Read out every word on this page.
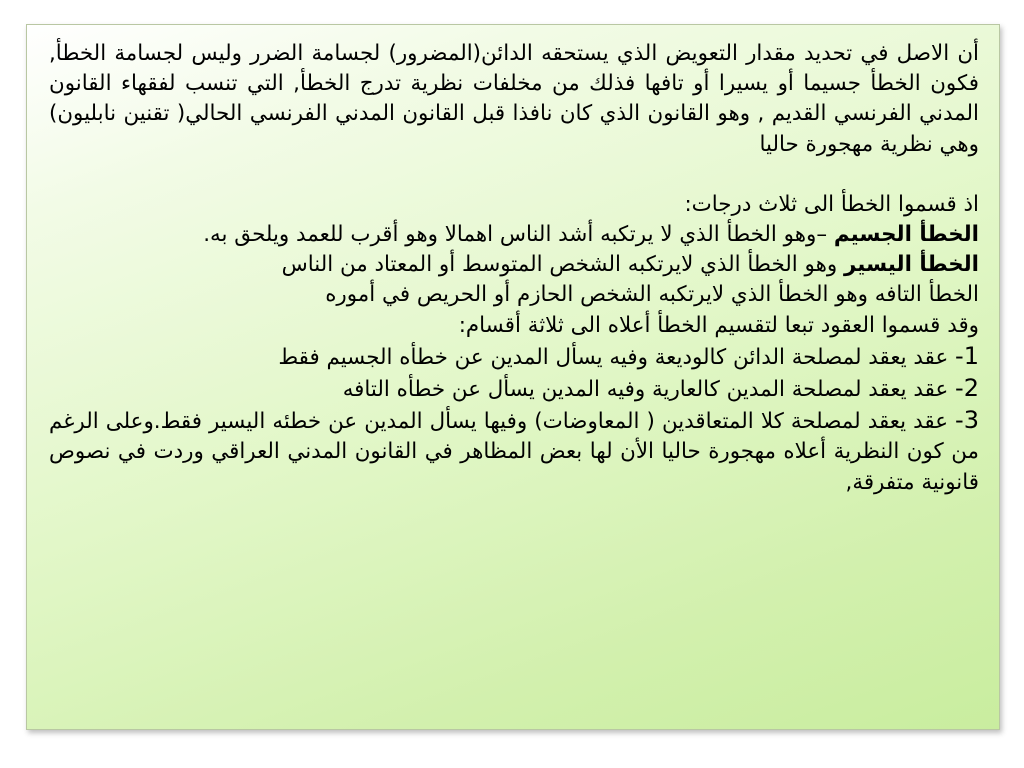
أن الاصل في تحديد مقدار التعويض الذي يستحقه الدائن(المضرور) لجسامة الضرر وليس لجسامة الخطأ, فكون الخطأ جسيما أو يسيرا أو تافها فذلك من مخلفات نظرية تدرج الخطأ, التي تنسب لفقهاء القانون المدني الفرنسي القديم , وهو القانون الذي كان نافذا قبل القانون المدني الفرنسي الحالي( تقنين نابليون) وهي نظرية مهجورة حاليا

اذ قسموا الخطأ الى ثلاث درجات:

الخطأ الجسيم –وهو الخطأ الذي لا يرتكبه أشد الناس اهمالا وهو أقرب للعمد ويلحق به.

الخطأ اليسير وهو الخطأ الذي لايرتكبه الشخص المتوسط أو المعتاد من الناس

الخطأ التافه وهو الخطأ الذي لايرتكبه الشخص الحازم أو الحريص في أموره

وقد قسموا العقود تبعا لتقسيم الخطأ أعلاه الى ثلاثة أقسام:

1- عقد يعقد لمصلحة الدائن كالوديعة وفيه يسأل المدين عن خطأه الجسيم فقط

2- عقد يعقد لمصلحة المدين كالعارية وفيه المدين يسأل عن خطأه التافه

3- عقد يعقد لمصلحة كلا المتعاقدين ( المعاوضات) وفيها يسأل المدين عن خطئه اليسير فقط.وعلى الرغم من كون النظرية أعلاه مهجورة حاليا الأن لها بعض المظاهر في القانون المدني العراقي وردت في نصوص قانونية متفرقة,
